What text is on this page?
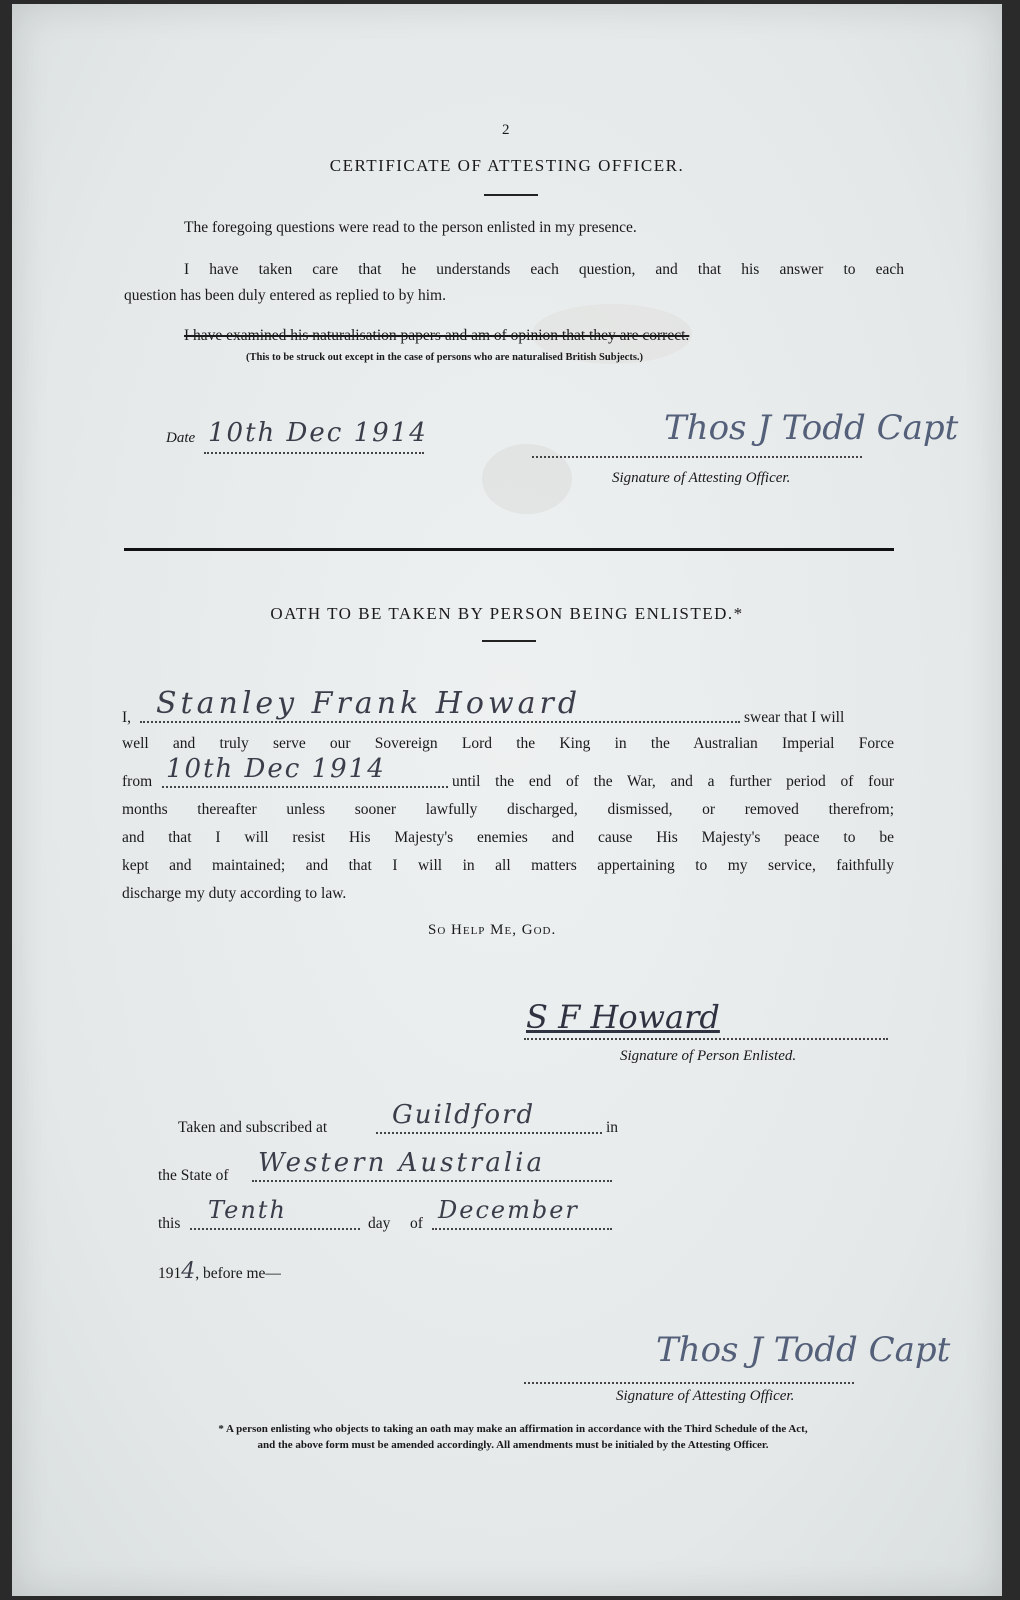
2
CERTIFICATE OF ATTESTING OFFICER.
The foregoing questions were read to the person enlisted in my presence.
I have taken care that he understands each question, and that his answer to each
question has been duly entered as replied to by him.
I have examined his naturalisation papers and am of opinion that they are correct.
(This to be struck out except in the case of persons who are naturalised British Subjects.)
Date 10th Dec 1914	Thos J Todd Capt
Signature of Attesting Officer.
OATH TO BE TAKEN BY PERSON BEING ENLISTED.*
I, Stanley Frank Howard	swear that I will
well and truly serve our Sovereign Lord the King in the Australian Imperial Force
from 10th Dec 1914	until the end of the War, and a further period of four
months thereafter unless sooner lawfully discharged, dismissed, or removed therefrom;
and that I will resist His Majesty's enemies and cause His Majesty's peace to be
kept and maintained; and that I will in all matters appertaining to my service, faithfully
discharge my duty according to law.
So Help Me, God.
S F Howard
Signature of Person Enlisted.
Taken and subscribed at Guildford	in
the State of Western Australia
this Tenth	day of December
1914, before me—
Thos J Todd Capt
Signature of Attesting Officer.
* A person enlisting who objects to taking an oath may make an affirmation in accordance with the Third Schedule of the Act,
and the above form must be amended accordingly. All amendments must be initialed by the Attesting Officer.
